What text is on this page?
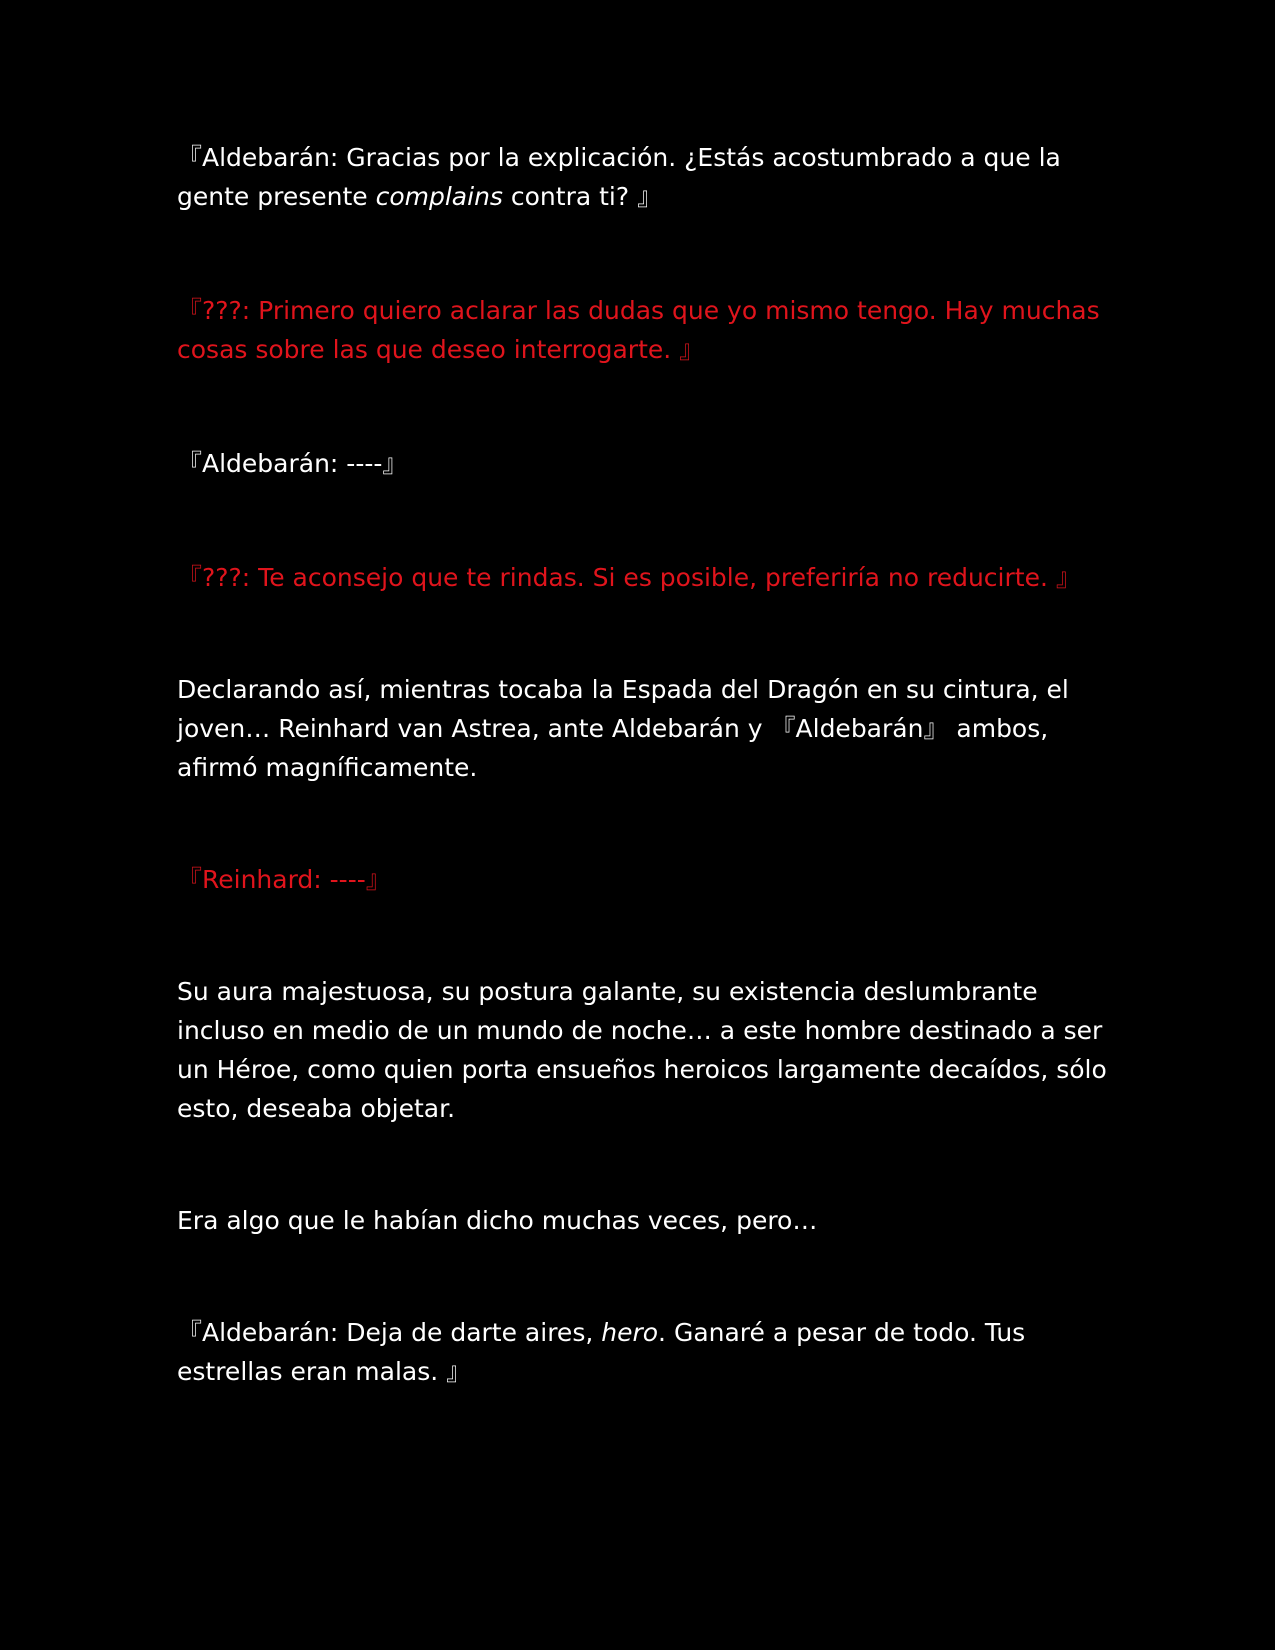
『Aldebarán: Gracias por la explicación. ¿Estás acostumbrado a que la gente presente complains contra ti? 』

『???: Primero quiero aclarar las dudas que yo mismo tengo. Hay muchas cosas sobre las que deseo interrogarte. 』

『Aldebarán: ----』

『???: Te aconsejo que te rindas. Si es posible, preferiría no reducirte. 』

Declarando así, mientras tocaba la Espada del Dragón en su cintura, el joven… Reinhard van Astrea, ante Aldebarán y 『Aldebarán』 ambos, afirmó magníficamente.

『Reinhard: ----』

Su aura majestuosa, su postura galante, su existencia deslumbrante incluso en medio de un mundo de noche… a este hombre destinado a ser un Héroe, como quien porta ensueños heroicos largamente decaídos, sólo esto, deseaba objetar.

Era algo que le habían dicho muchas veces, pero…

『Aldebarán: Deja de darte aires, hero. Ganaré a pesar de todo. Tus estrellas eran malas. 』
